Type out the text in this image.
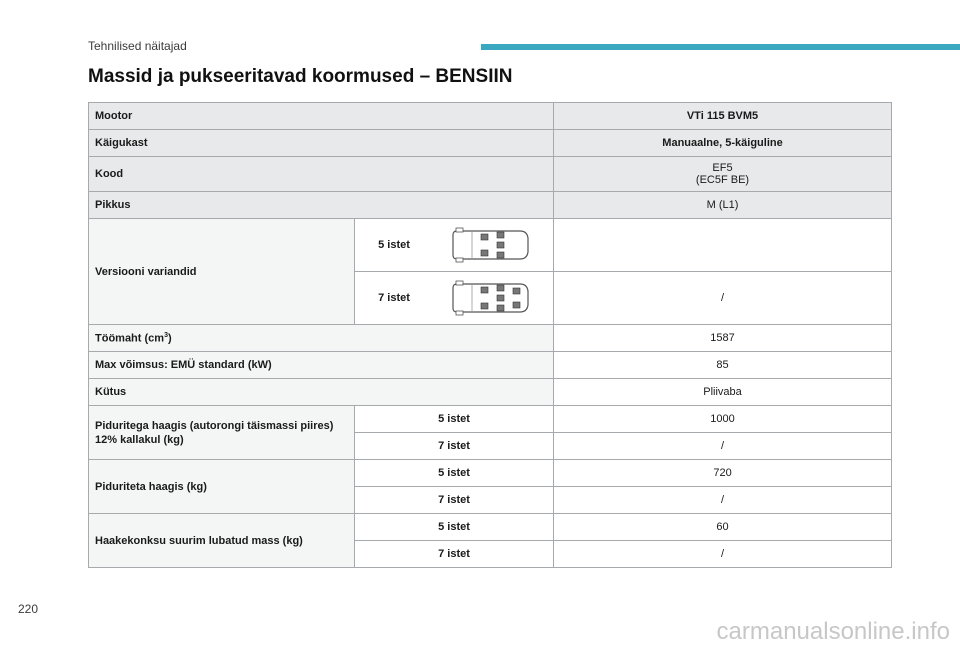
Tehnilised näitajad
Massid ja pukseeritavad koormused – BENSIIN
Mootor		VTi 115 BVM5
Käigukast		Manuaalne, 5-käiguline
Kood		EF5
(EC5F BE)

Pikkus		M (L1)
Versiooni variandid	5 istet	

	7 istet	/
Töömaht $(cm^3)$		1587
Max võimsus: EMÜ standard (kW)		85
Kütus		Pliivaba
Piduritega haagis (autorongi täismassi piires) 12% kallakul (kg)	5 istet	1000
	7 istet	/
Piduriteta haagis (kg)	5 istet	720
	7 istet	/
Haakekonksu suurim lubatud mass (kg)	5 istet	60
	7 istet	/
220
carmanualsonline.info
